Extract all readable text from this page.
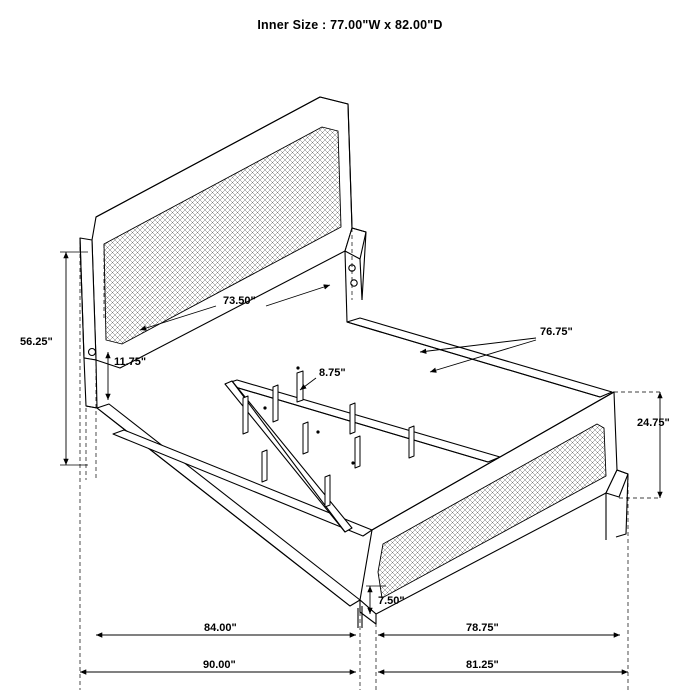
Inner Size : 77.00"W x 82.00"D
73.50"
56.25"
11.75"
8.75"
76.75"
24.75"
7.50"
84.00"	78.75"
90.00"	81.25"
